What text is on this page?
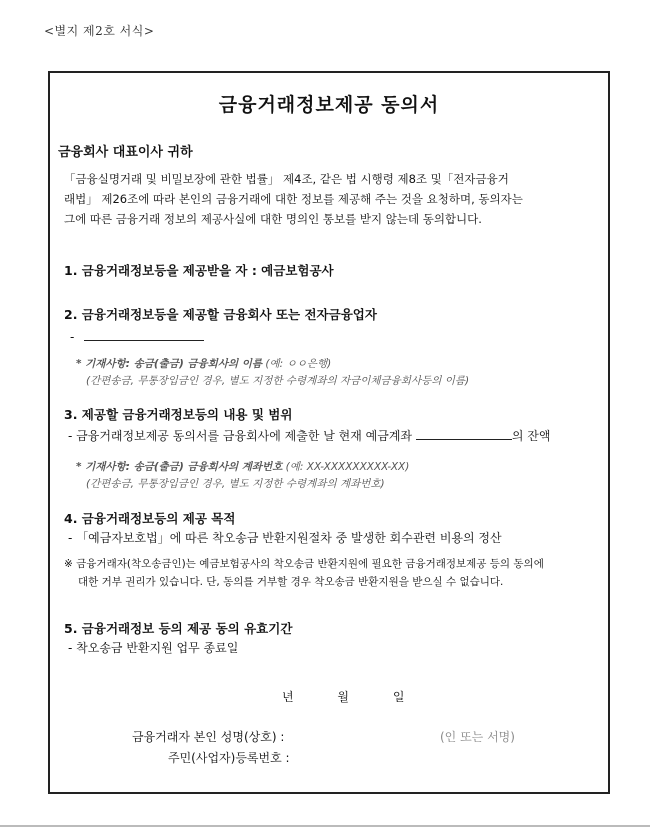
<별지 제2호 서식>
금융거래정보제공 동의서
금융회사 대표이사 귀하

「금융실명거래 및 비밀보장에 관한 법률」 제4조, 같은 법 시행령 제8조 및「전자금융거

래법」 제26조에 따라 본인의 금융거래에 대한 정보를 제공해 주는 것을 요청하며, 동의자는

그에 따른 금융거래 정보의 제공사실에 대한 명의인 통보를 받지 않는데 동의합니다.

1. 금융거래정보등을 제공받을 자 : 예금보험공사
2. 금융거래정보등을 제공할 금융회사 또는 전자금융업자
-
* 기재사항: 송금(출금) 금융회사의 이름 (예: ㅇㅇ은행)
(간편송금, 무통장입금인 경우, 별도 지정한 수령계좌의 자금이체금융회사등의 이름)
3. 제공할 금융거래정보등의 내용 및 범위
- 금융거래정보제공 동의서를 금융회사에 제출한 날 현재 예금계좌	의 잔액
* 기재사항: 송금(출금) 금융회사의 계좌번호 (예: XX-XXXXXXXXX-XX)
(간편송금, 무통장입금인 경우, 별도 지정한 수령계좌의 계좌번호)
4. 금융거래정보등의 제공 목적
- 「예금자보호법」에 따른 착오송금 반환지원절차 중 발생한 회수관련 비용의 정산

※ 금융거래자(착오송금인)는 예금보험공사의 착오송금 반환지원에 필요한 금융거래정보제공 등의 동의에

대한 거부 권리가 있습니다. 단, 동의를 거부할 경우 착오송금 반환지원을 받으실 수 없습니다.

5. 금융거래정보 등의 제공 동의 유효기간
- 착오송금 반환지원 업무 종료일
년	월	일
금융거래자 본인 성명(상호) :	(인 또는 서명)
주민(사업자)등록번호 :
